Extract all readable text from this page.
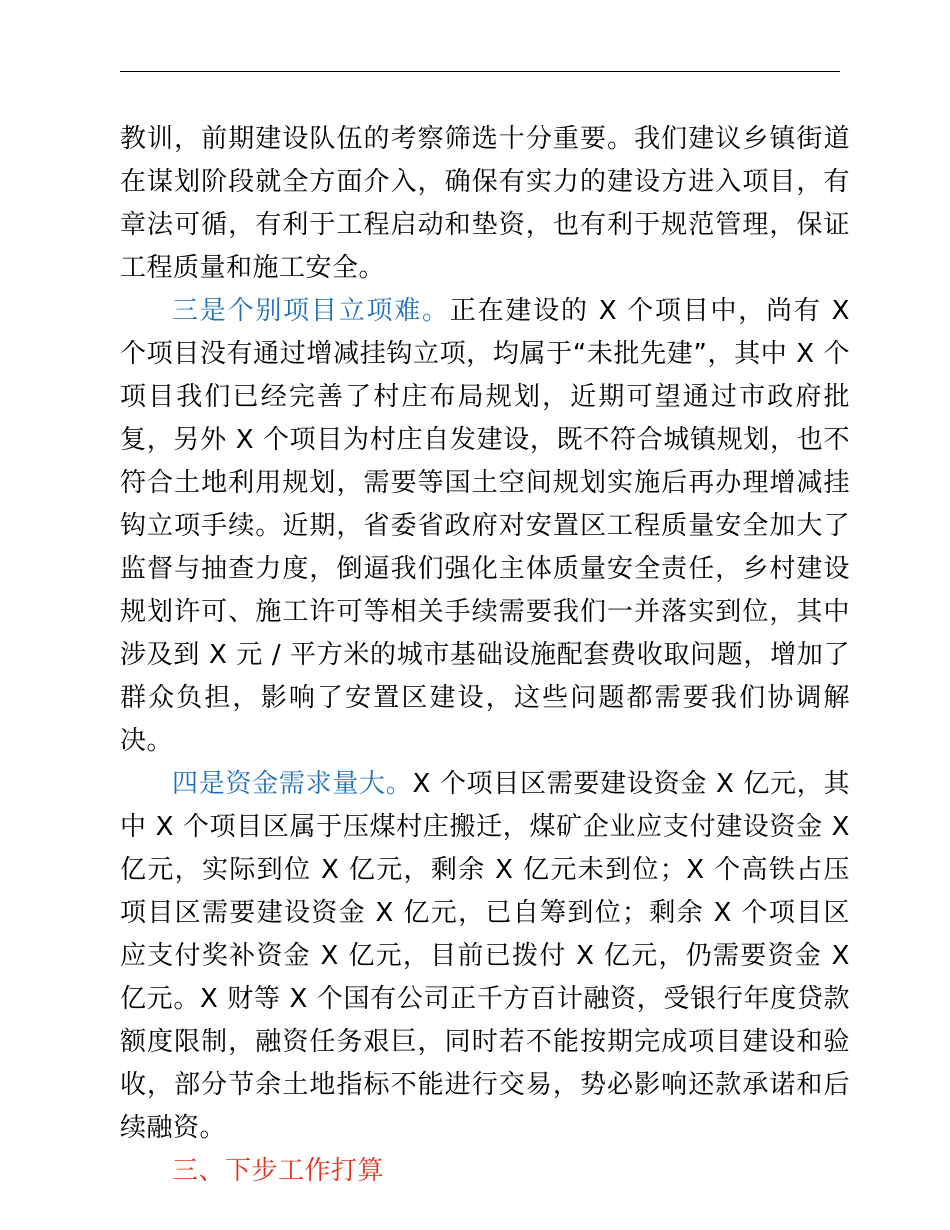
教训，前期建设队伍的考察筛选十分重要。我们建议乡镇街道在谋划阶段就全方面介入，确保有实力的建设方进入项目，有章法可循，有利于工程启动和垫资，也有利于规范管理，保证工程质量和施工安全。

三是个别项目立项难。正在建设的 X 个项目中，尚有 X 个项目没有通过增减挂钩立项，均属于“未批先建”，其中 X 个项目我们已经完善了村庄布局规划，近期可望通过市政府批复，另外 X 个项目为村庄自发建设，既不符合城镇规划，也不符合土地利用规划，需要等国土空间规划实施后再办理增减挂钩立项手续。近期，省委省政府对安置区工程质量安全加大了监督与抽查力度，倒逼我们强化主体质量安全责任，乡村建设规划许可、施工许可等相关手续需要我们一并落实到位，其中涉及到 X 元 / 平方米的城市基础设施配套费收取问题，增加了群众负担，影响了安置区建设，这些问题都需要我们协调解决。

四是资金需求量大。X 个项目区需要建设资金 X 亿元，其中 X 个项目区属于压煤村庄搬迁，煤矿企业应支付建设资金 X 亿元，实际到位 X 亿元，剩余 X 亿元未到位；X 个高铁占压项目区需要建设资金 X 亿元，已自筹到位；剩余 X 个项目区应支付奖补资金 X 亿元，目前已拨付 X 亿元，仍需要资金 X 亿元。X 财等 X 个国有公司正千方百计融资，受银行年度贷款额度限制，融资任务艰巨，同时若不能按期完成项目建设和验收，部分节余土地指标不能进行交易，势必影响还款承诺和后续融资。

三、下步工作打算
